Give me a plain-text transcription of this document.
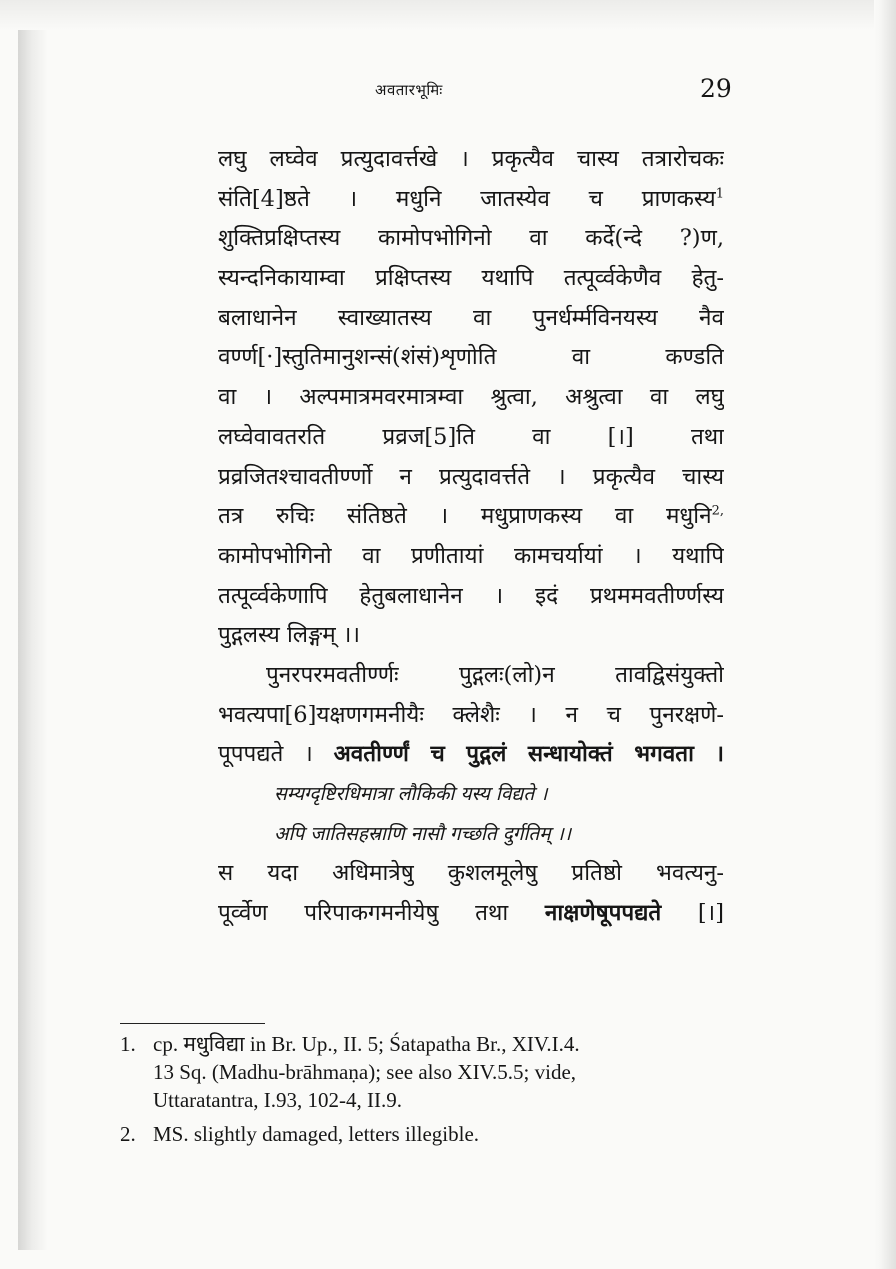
अवतारभूमिः	29
लघु लघ्वेव प्रत्युदावर्त्तखे । प्रकृत्यैव चास्य तत्रारोचकः
संति[4]ष्ठते । मधुनि जातस्येव च प्राणकस्य$^1$
शुक्तिप्रक्षिप्तस्य कामोपभोगिनो वा कर्दे(न्दे ?)ण,
स्यन्दनिकायाम्वा प्रक्षिप्तस्य यथापि तत्पूर्व्वकेणैव हेतु-
बलाधानेन स्वाख्यातस्य वा पुनर्धर्म्मविनयस्य नैव
वर्ण्ण[·]स्तुतिमानुशन्सं(शंसं)शृणोति वा कण्डति
वा । अल्पमात्रमवरमात्रम्वा श्रुत्वा, अश्रुत्वा वा लघु
लघ्वेवावतरति प्रव्रज[5]ति वा [।] तथा
प्रव्रजितश्चावतीर्ण्णो न प्रत्युदावर्त्तते । प्रकृत्यैव चास्य
तत्र रुचिः संतिष्ठते । मधुप्राणकस्य वा मधुनि$^{2,}$
कामोपभोगिनो वा प्रणीतायां कामचर्यायां । यथापि
तत्पूर्व्वकेणापि हेतुबलाधानेन । इदं प्रथममवतीर्ण्णस्य
पुद्गलस्य लिङ्गम् ।।
पुनरपरमवतीर्ण्णः पुद्गलः(लो)न तावद्विसंयुक्तो
भवत्यपा[6]यक्षणगमनीयैः क्लेशैः । न च पुनरक्षणे-
पूपपद्यते । अवतीर्ण्णं च पुद्गलं सन्धायोक्तं भगवता ।
सम्यग्दृष्टिरधिमात्रा लौकिकी यस्य विद्यते ।
अपि जातिसहस्राणि नासौ गच्छति दुर्गतिम् ।।
स यदा अधिमात्रेषु कुशलमूलेषु प्रतिष्ठो भवत्यनु-
पूर्व्वेण परिपाकगमनीयेषु तथा नाक्षणेषूपपद्यते [।]
1. cp. मधुविद्या in Br. Up., II. 5; Śatapatha Br., XIV.I.4.
13 Sq. (Madhu-brāhmaṇa); see also XIV.5.5; vide,
Uttaratantra, I.93, 102-4, II.9.
2. MS. slightly damaged, letters illegible.
